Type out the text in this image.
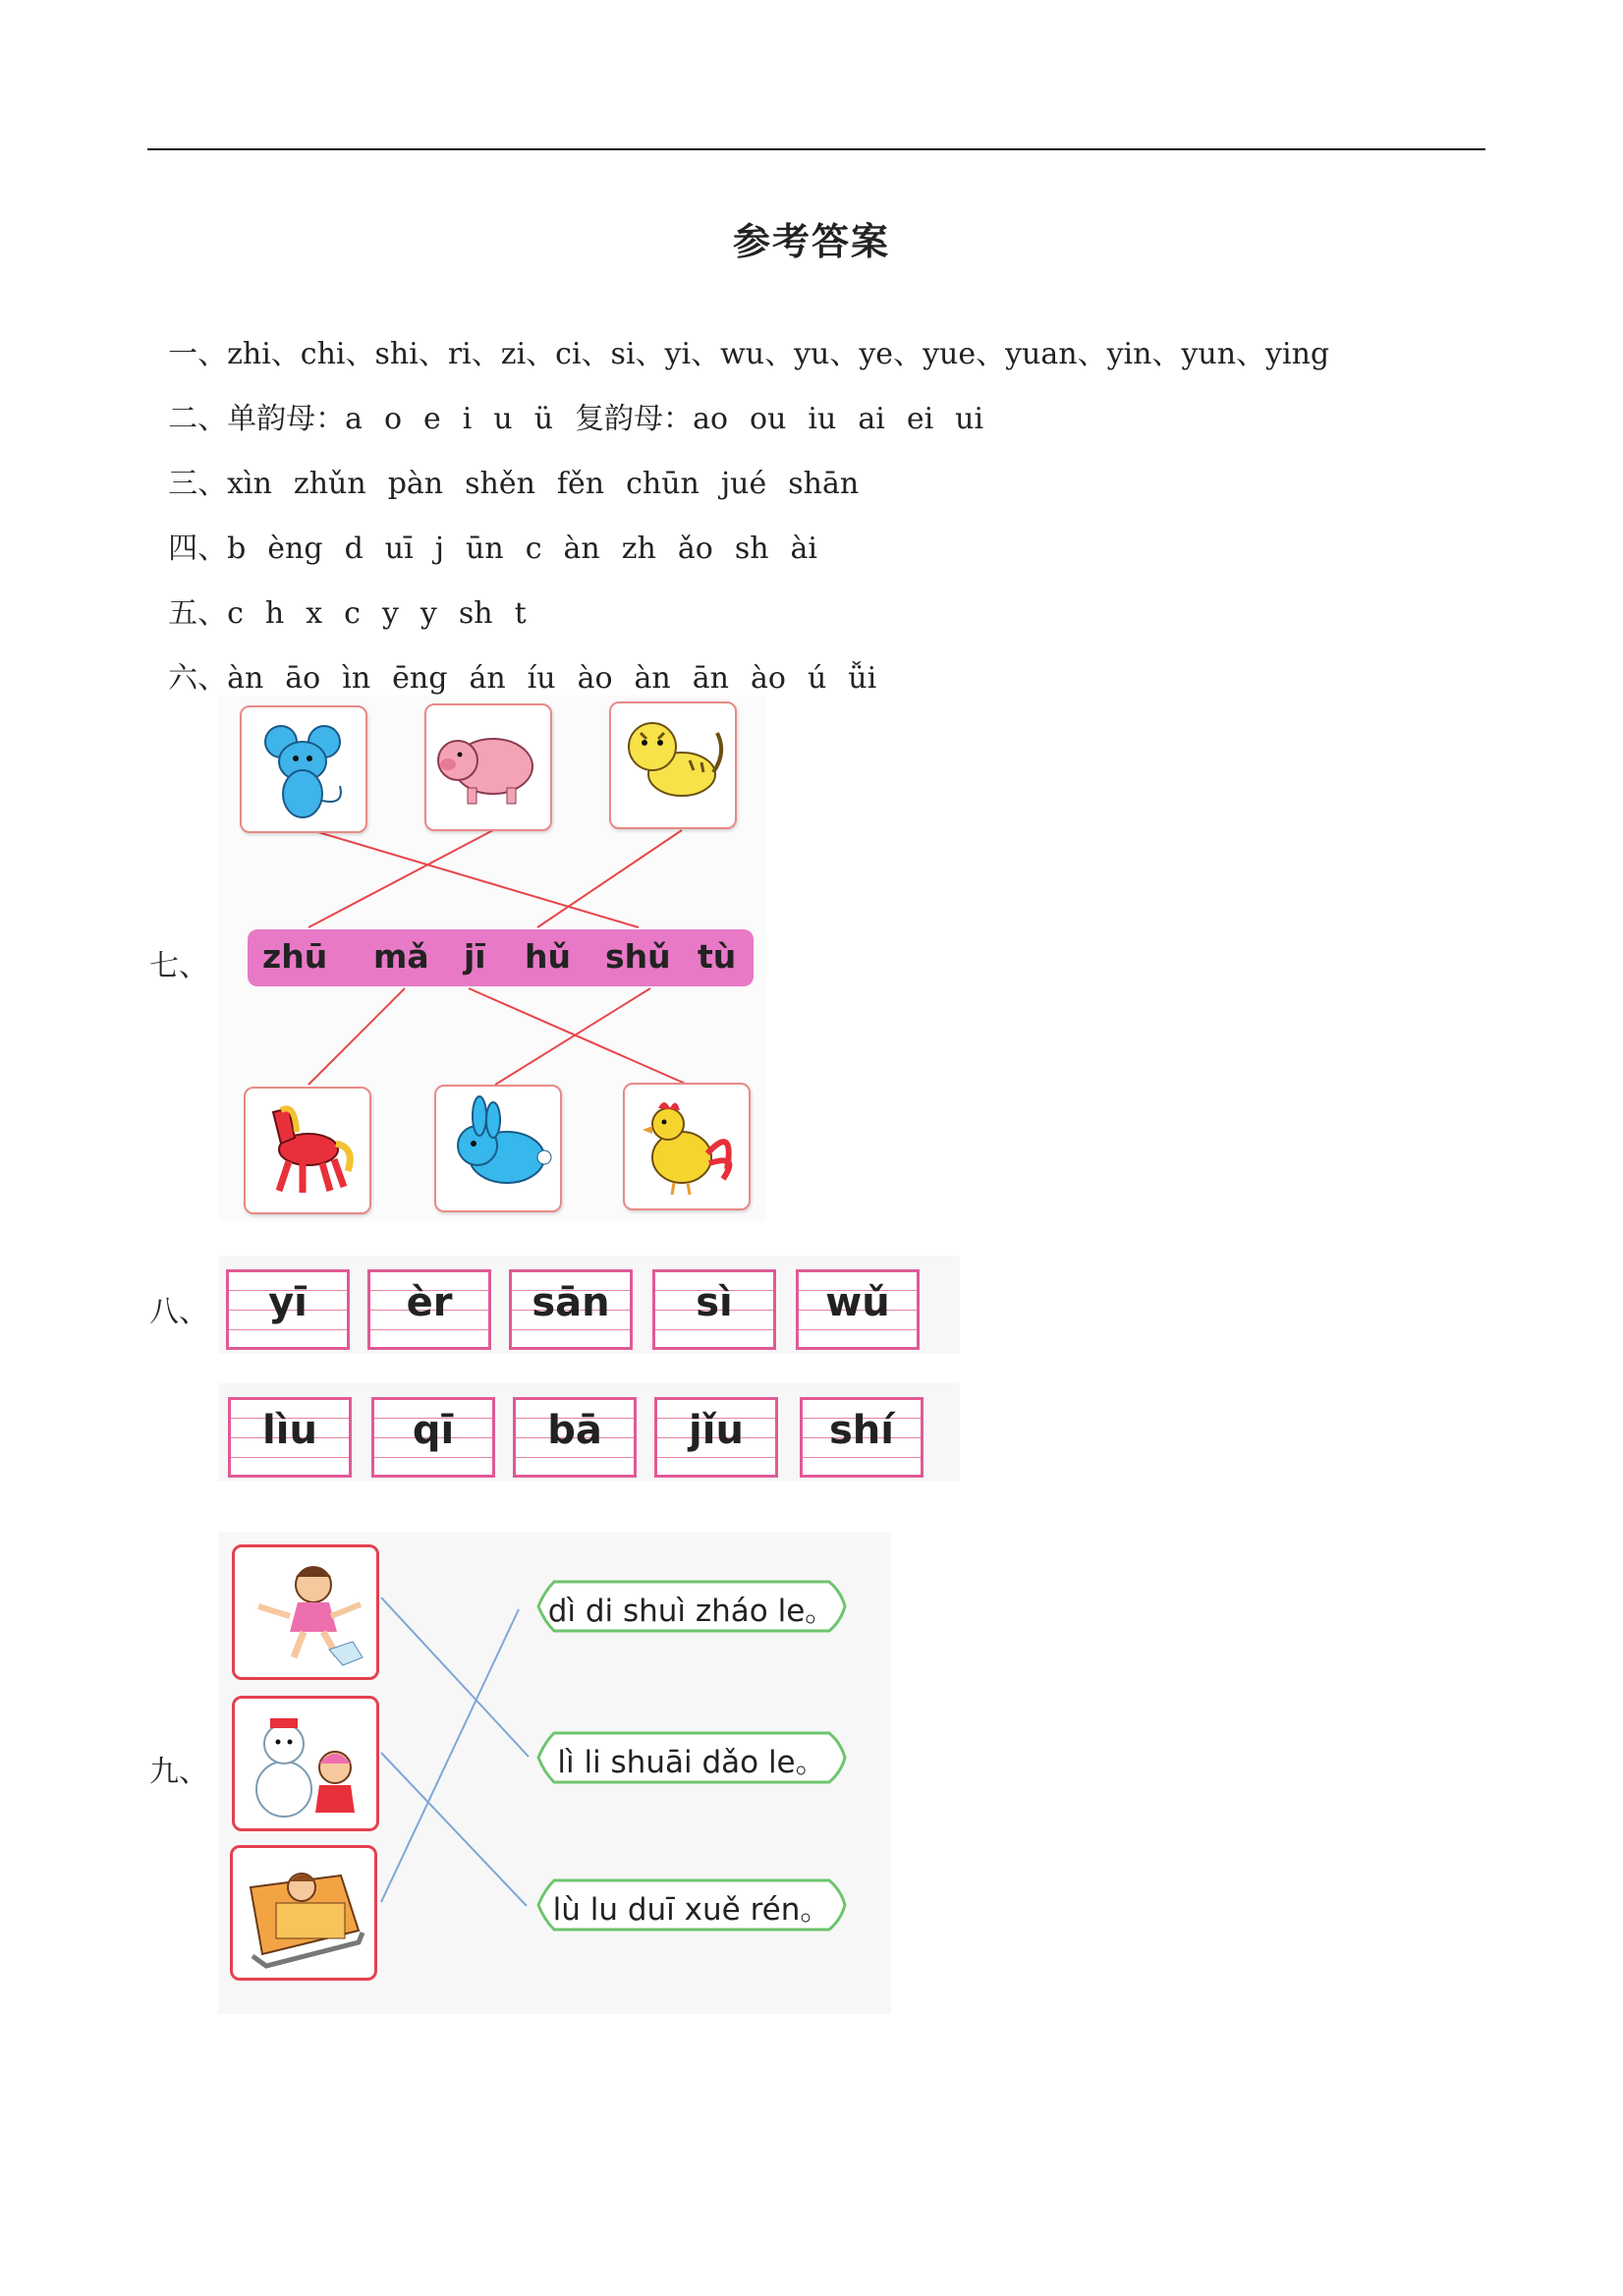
参考答案

一、zhi、chi、shi、ri、zi、ci、si、yi、wu、yu、ye、yue、yuan、yin、yun、ying

二、单韵母：a o e i u ü 复韵母：ao ou iu ai ei ui

三、xìn zhǔn pàn shěn fěn chūn jué shān

四、b èng d uī j ūn c àn zh ǎo sh ài

五、c h x c y y sh t

六、àn āo ìn ēng án íu ào àn ān ào ú ǚi

七、 zhū mǎ jī hǔ shǔ tù
八、	yī	èr	sān	sì	wǔ
lìu	qī	bā	jǐu	shí
九、
dì di shuì zháo le。
lì li shuāi dǎo le。
lù lu duī xuě rén。
